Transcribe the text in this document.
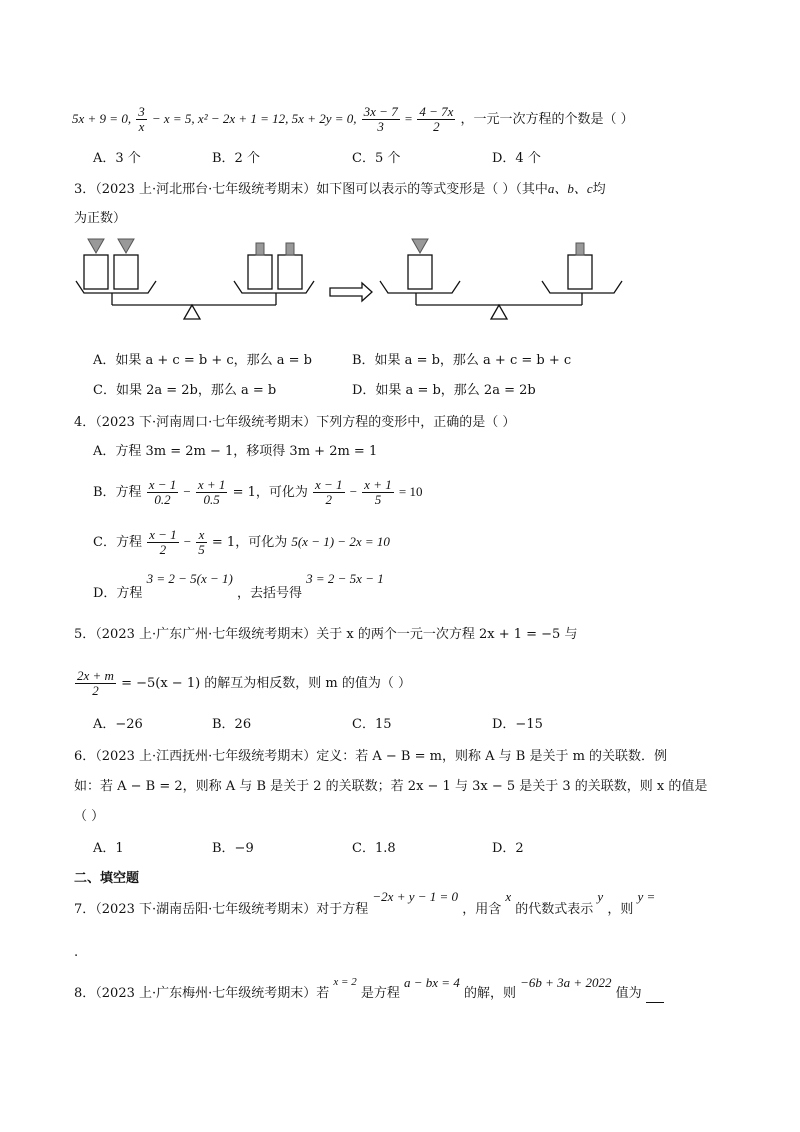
5x + 9 = 0, $\frac{3}{x} - x = 5$, x² − 2x + 1 = 12, 5x + 2y = 0, $\frac{3x - 7}{3} = \frac{4 - 7x}{2}$ ，一元一次方程的个数是（ ）
A．3 个	B．2 个	C．5 个	D．4 个
3．（2023 上·河北邢台·七年级统考期末）如下图可以表示的等式变形是（ ）（其中a、b、c均
为正数）
A．如果 a + c = b + c，那么 a = b	B．如果 a = b，那么 a + c = b + c
C．如果 2a = 2b，那么 a = b	D．如果 a = b，那么 2a = 2b
4．（2023 下·河南周口·七年级统考期末）下列方程的变形中，正确的是（ ）
A．方程 3m = 2m − 1，移项得 3m + 2m = 1
B．方程 $\frac{x - 1}{0.2} - \frac{x + 1}{0.5} = 1$，可化为 $\frac{x - 1}{2} - \frac{x + 1}{5} = 10$
C．方程 $\frac{x - 1}{2} - \frac{x}{5} = 1$，可化为 5(x − 1) − 2x = 10
D．方程 3 = 2 − 5(x − 1) ，去括号得 3 = 2 − 5x − 1
5．（2023 上·广东广州·七年级统考期末）关于 x 的两个一元一次方程 2x + 1 = −5 与
$\frac{2x + m}{2} = -5(x - 1)$ 的解互为相反数，则 m 的值为（ ）
A．−26	B．26	C．15	D．−15
6．（2023 上·江西抚州·七年级统考期末）定义：若 A − B = m，则称 A 与 B 是关于 m 的关联数．例
如：若 A − B = 2，则称 A 与 B 是关于 2 的关联数；若 2x − 1 与 3x − 5 是关于 3 的关联数，则 x 的值是
（ ）
A．1	B．−9	C．1.8	D．2
二、填空题
7．（2023 下·湖南岳阳·七年级统考期末）对于方程 −2x + y − 1 = 0 ，用含 x 的代数式表示 y ，则 y =
.
8．（2023 上·广东梅州·七年级统考期末）若 x = 2 是方程 a − bx = 4 的解，则 −6b + 3a + 2022 值为
